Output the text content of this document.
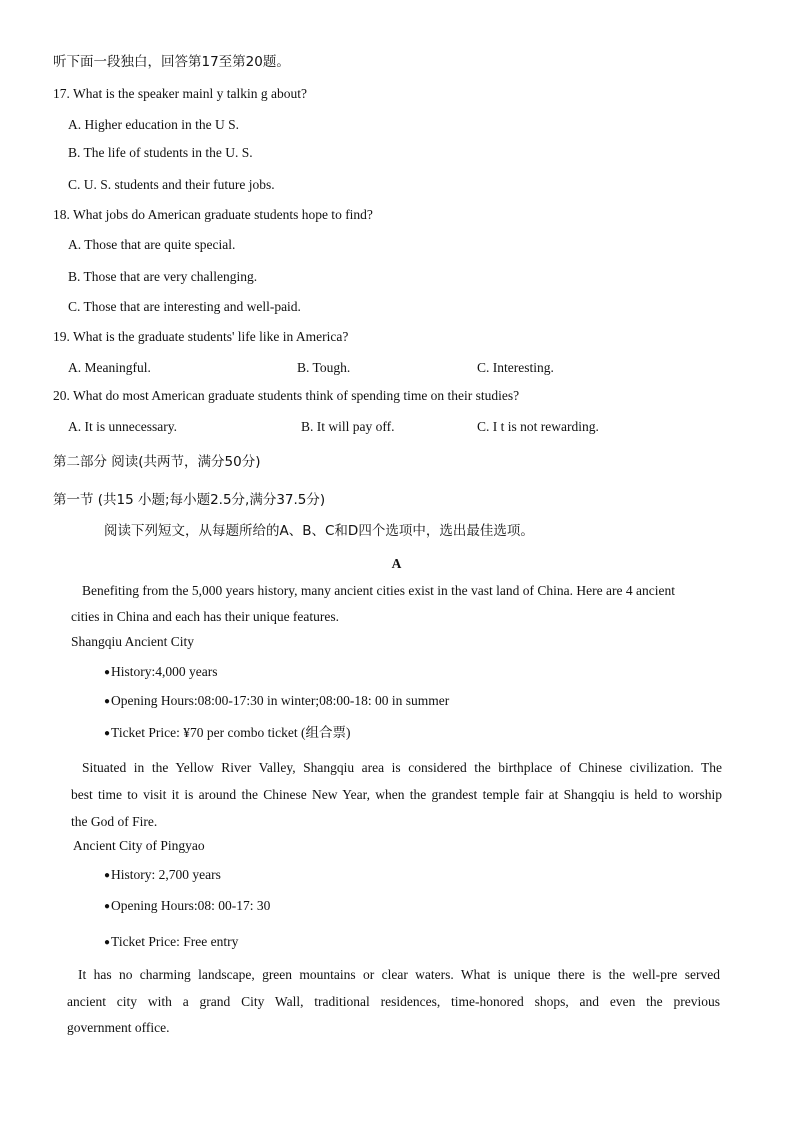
听下面一段独白，回答第17至第20题。
17. What is the speaker mainl y talkin g about?
A. Higher education in the U S.
B. The life of students in the U. S.
C. U. S. students and their future jobs.
18. What jobs do American graduate students hope to find?
A. Those that are quite special.
B. Those that are very challenging.
C. Those that are interesting and well-paid.
19. What is the graduate students' life like in America?
A. Meaningful.	B. Tough.	C. Interesting.
20. What do most American graduate students think of spending time on their studies?
A. It is unnecessary.	B. It will pay off.	C. I t is not rewarding.
第二部分 阅读(共两节，满分50分)
第一节 (共15 小题;每小题2.5分,满分37.5分)
阅读下列短文，从每题所给的A、B、C和D四个选项中，选出最佳选项。
A
Benefiting from the 5,000 years history, many ancient cities exist in the vast land of China. Here are 4 ancient
cities in China and each has their unique features.
Shangqiu Ancient City
● History:4,000 years
● Opening Hours:08:00-17:30 in winter;08:00-18: 00 in summer
● Ticket Price: ¥70 per combo ticket (组合票)
Situated in the Yellow River Valley, Shangqiu area is considered the birthplace of Chinese civilization. The
best time to visit it is around the Chinese New Year, when the grandest temple fair at Shangqiu is held to worship
the God of Fire.
Ancient City of Pingyao
● History: 2,700 years
● Opening Hours:08: 00-17: 30
● Ticket Price: Free entry
It has no charming landscape, green mountains or clear waters. What is unique there is the well-pre served
ancient city with a grand City Wall, traditional residences, time-honored shops, and even the previous
government office.
